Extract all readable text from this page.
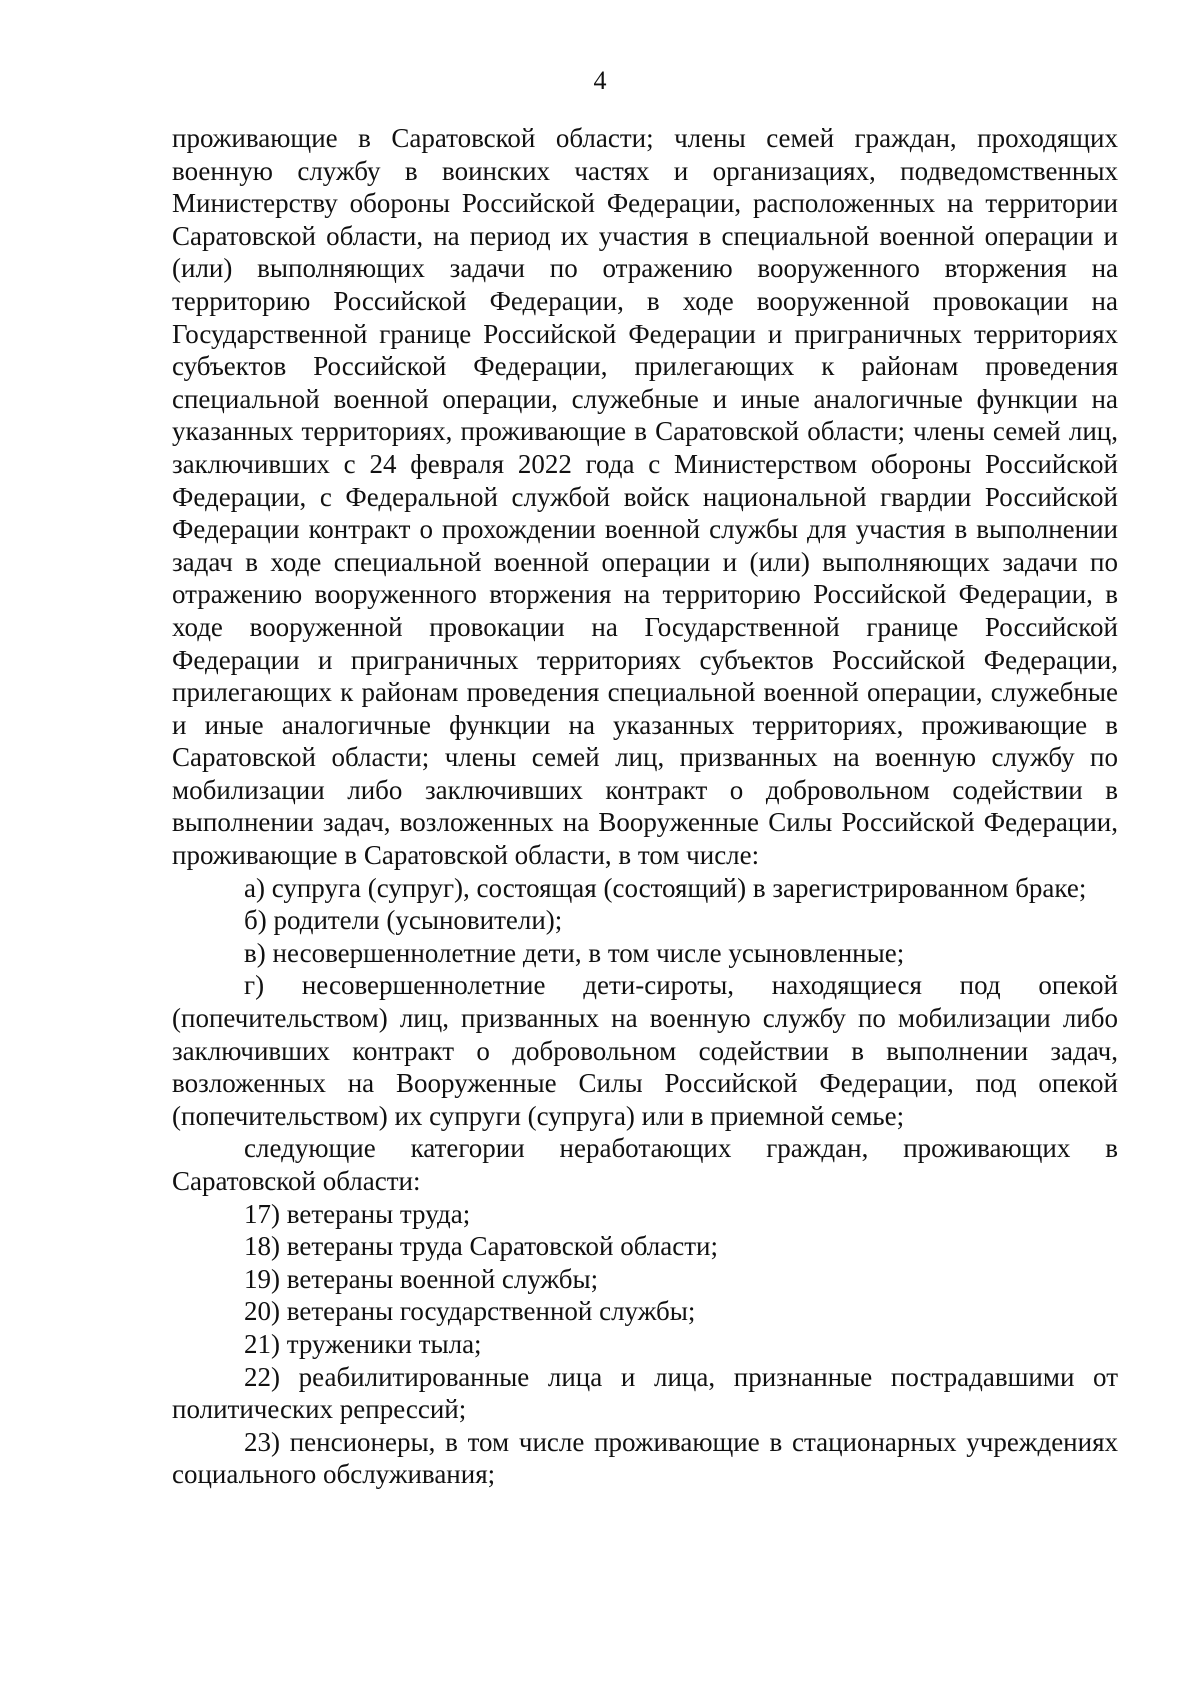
4

проживающие в Саратовской области; члены семей граждан, проходящих военную службу в воинских частях и организациях, подведомственных Министерству обороны Российской Федерации, расположенных на территории Саратовской области, на период их участия в специальной военной операции и (или) выполняющих задачи по отражению вооруженного вторжения на территорию Российской Федерации, в ходе вооруженной провокации на Государственной границе Российской Федерации и приграничных территориях субъектов Российской Федерации, прилегающих к районам проведения специальной военной операции, служебные и иные аналогичные функции на указанных территориях, проживающие в Саратовской области; члены семей лиц, заключивших с 24 февраля 2022 года с Министерством обороны Российской Федерации, с Федеральной службой войск национальной гвардии Российской Федерации контракт о прохождении военной службы для участия в выполнении задач в ходе специальной военной операции и (или) выполняющих задачи по отражению вооруженного вторжения на территорию Российской Федерации, в ходе вооруженной провокации на Государственной границе Российской Федерации и приграничных территориях субъектов Российской Федерации, прилегающих к районам проведения специальной военной операции, служебные и иные аналогичные функции на указанных территориях, проживающие в Саратовской области; члены семей лиц, призванных на военную службу по мобилизации либо заключивших контракт о добровольном содействии в выполнении задач, возложенных на Вооруженные Силы Российской Федерации, проживающие в Саратовской области, в том числе:

а) супруга (супруг), состоящая (состоящий) в зарегистрированном браке;

б) родители (усыновители);

в) несовершеннолетние дети, в том числе усыновленные;

г) несовершеннолетние дети-сироты, находящиеся под опекой (попечительством) лиц, призванных на военную службу по мобилизации либо заключивших контракт о добровольном содействии в выполнении задач, возложенных на Вооруженные Силы Российской Федерации, под опекой (попечительством) их супруги (супруга) или в приемной семье;

следующие категории неработающих граждан, проживающих в Саратовской области:

17) ветераны труда;

18) ветераны труда Саратовской области;

19) ветераны военной службы;

20) ветераны государственной службы;

21) труженики тыла;

22) реабилитированные лица и лица, признанные пострадавшими от политических репрессий;

23) пенсионеры, в том числе проживающие в стационарных учреждениях социального обслуживания;
